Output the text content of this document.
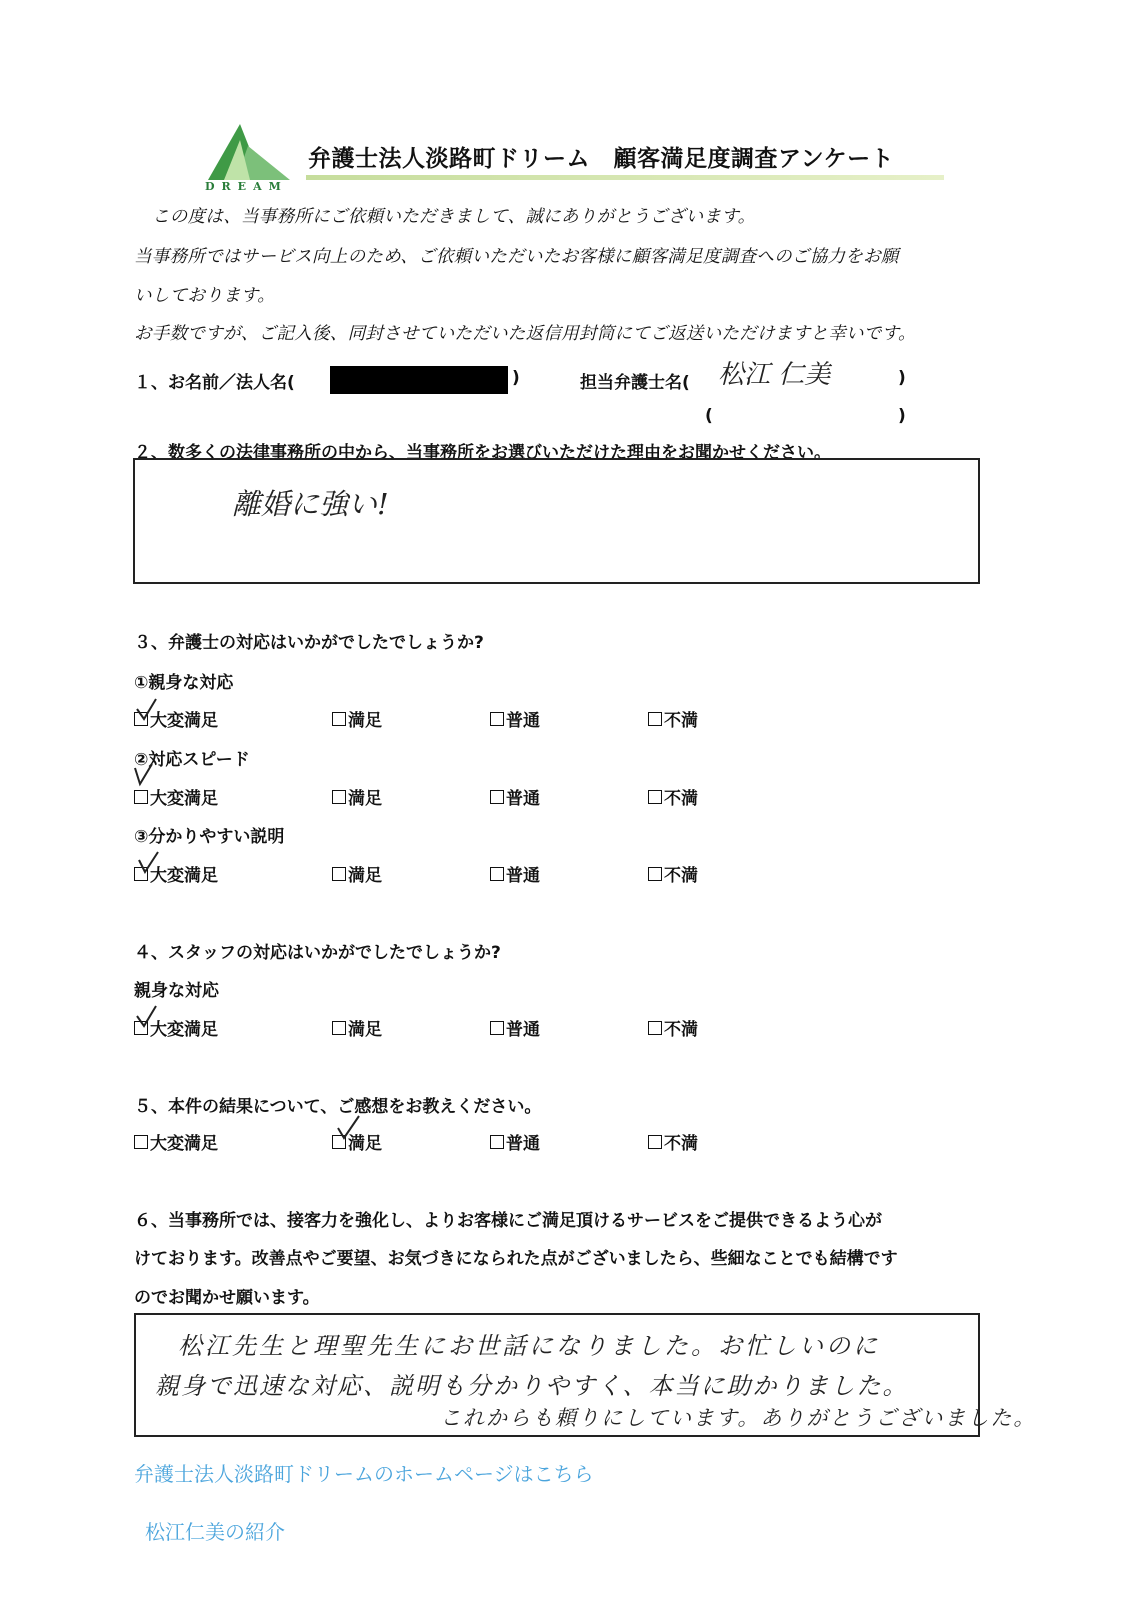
DREAM
弁護士法人淡路町ドリーム　顧客満足度調査アンケート
この度は、当事務所にご依頼いただきまして、誠にありがとうございます。
当事務所ではサービス向上のため、ご依頼いただいたお客様に顧客満足度調査へのご協力をお願
いしております。
お手数ですが、ご記入後、同封させていただいた返信用封筒にてご返送いただけますと幸いです。
１、お名前／法人名(	)	担当弁護士名( 松江 仁美	)
(	)
２、数多くの法律事務所の中から、当事務所をお選びいただけた理由をお聞かせください。
離婚に強い!
３、弁護士の対応はいかがでしたでしょうか?
①親身な対応
大変満足	満足	普通	不満
②対応スピード
大変満足	満足	普通	不満
③分かりやすい説明
大変満足	満足	普通	不満
４、スタッフの対応はいかがでしたでしょうか?
親身な対応
大変満足	満足	普通	不満
５、本件の結果について、ご感想をお教えください。
大変満足	満足	普通	不満
６、当事務所では、接客力を強化し、よりお客様にご満足頂けるサービスをご提供できるよう心が
けております。改善点やご要望、お気づきになられた点がございましたら、些細なことでも結構です
のでお聞かせ願います。
松江先生と理聖先生にお世話になりました。お忙しいのに
親身で迅速な対応、説明も分かりやすく、本当に助かりました。
これからも頼りにしています。ありがとうございました。
弁護士法人淡路町ドリームのホームページはこちら
松江仁美の紹介
